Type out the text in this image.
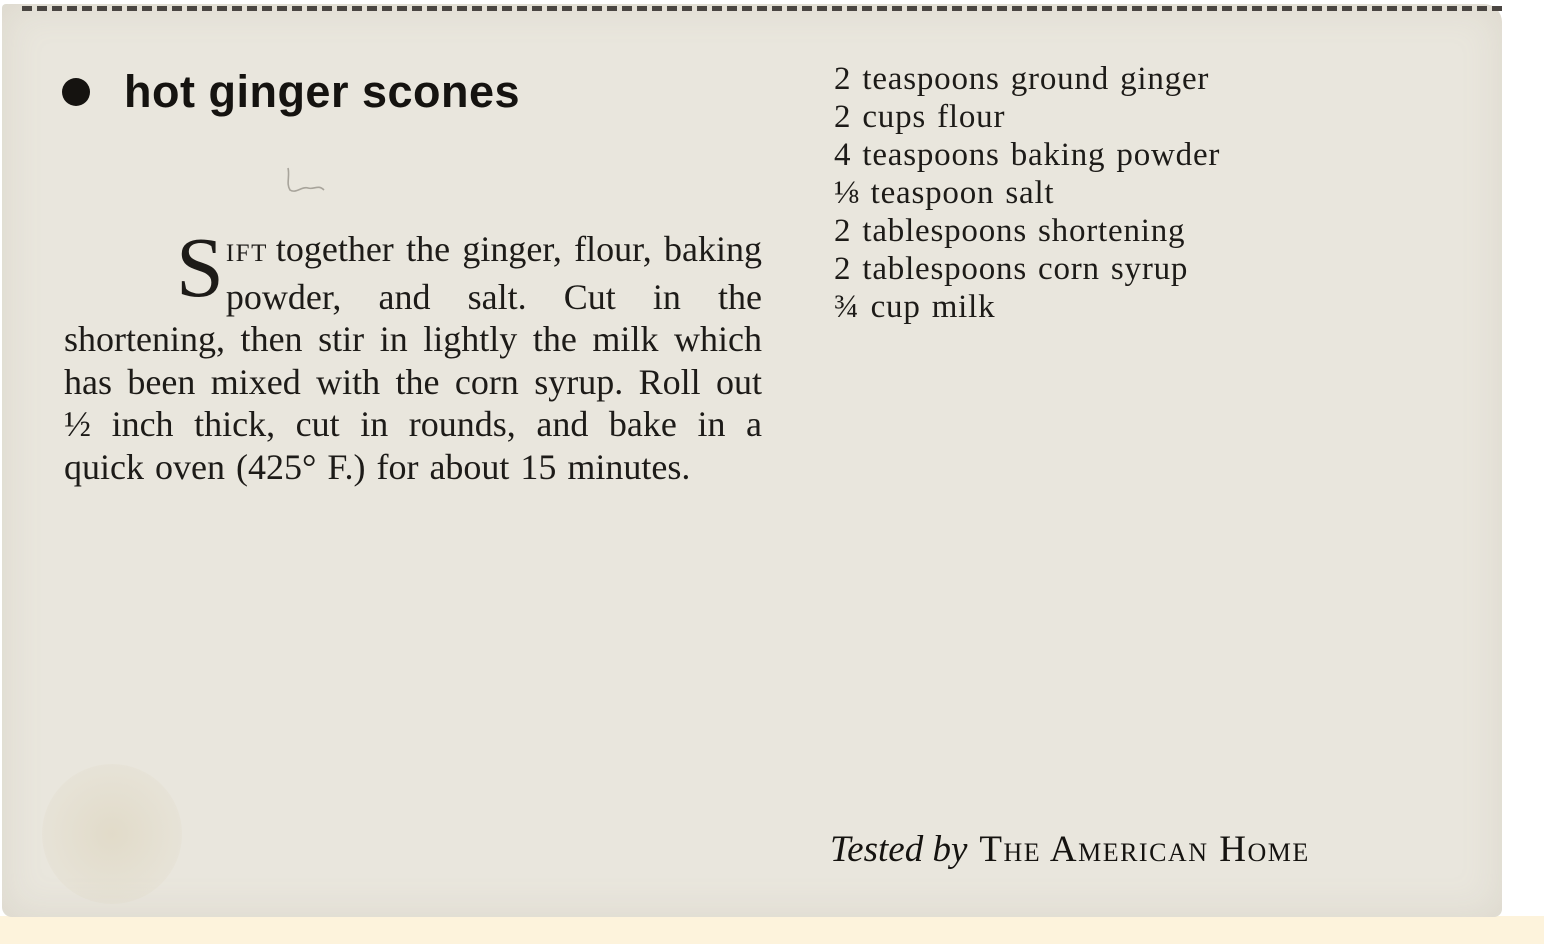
hot ginger scones
SIFT together the ginger, flour, baking powder, and salt. Cut in the shortening, then stir in lightly the milk which has been mixed with the corn syrup. Roll out ½ inch thick, cut in rounds, and bake in a quick oven (425° F.) for about 15 minutes.
2 teaspoons ground ginger
2 cups flour
4 teaspoons baking powder
⅛ teaspoon salt
2 tablespoons shortening
2 tablespoons corn syrup
¾ cup milk
Tested by The American Home
